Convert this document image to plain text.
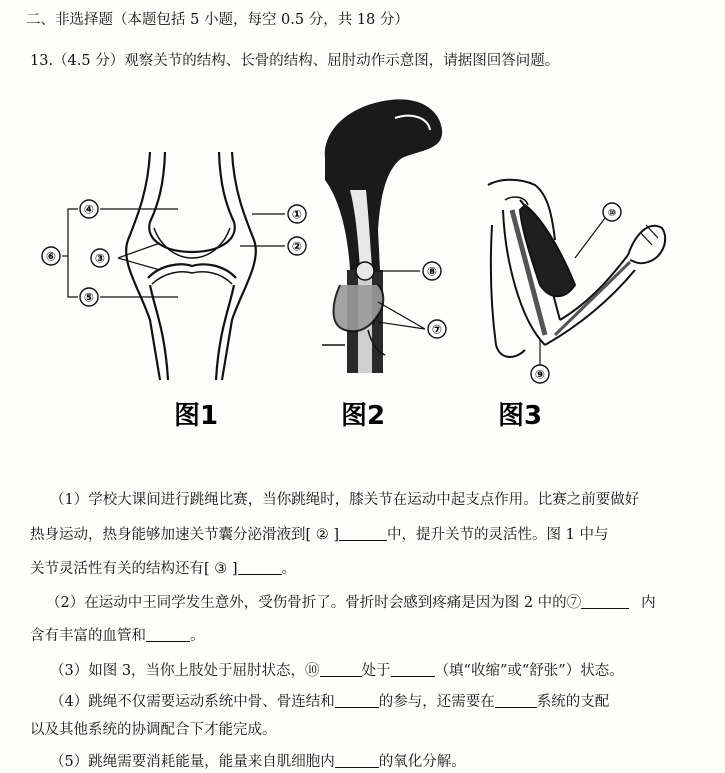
二、非选择题（本题包括 5 小题，每空 0.5 分，共 18 分）
13.（4.5 分）观察关节的结构、长骨的结构、屈肘动作示意图，请据图回答问题。
①
②
③
④
⑤
⑥
⑦
⑧
⑨
⑩
图1	图2	图3
（1）学校大课间进行跳绳比赛，当你跳绳时，膝关节在运动中起支点作用。比赛之前要做好
热身运动，热身能够加速关节囊分泌滑液到[ ② ]	中，提升关节的灵活性。图 1 中与
关节灵活性有关的结构还有[ ③ ]	。
（2）在运动中王同学发生意外，受伤骨折了。骨折时会感到疼痛是因为图 2 中的⑦	内
含有丰富的血管和	。
（3）如图 3，当你上肢处于屈肘状态，⑩	处于	（填“收缩”或“舒张”）状态。
（4）跳绳不仅需要运动系统中骨、骨连结和	的参与，还需要在	系统的支配
以及其他系统的协调配合下才能完成。
（5）跳绳需要消耗能量，能量来自肌细胞内	的氧化分解。
